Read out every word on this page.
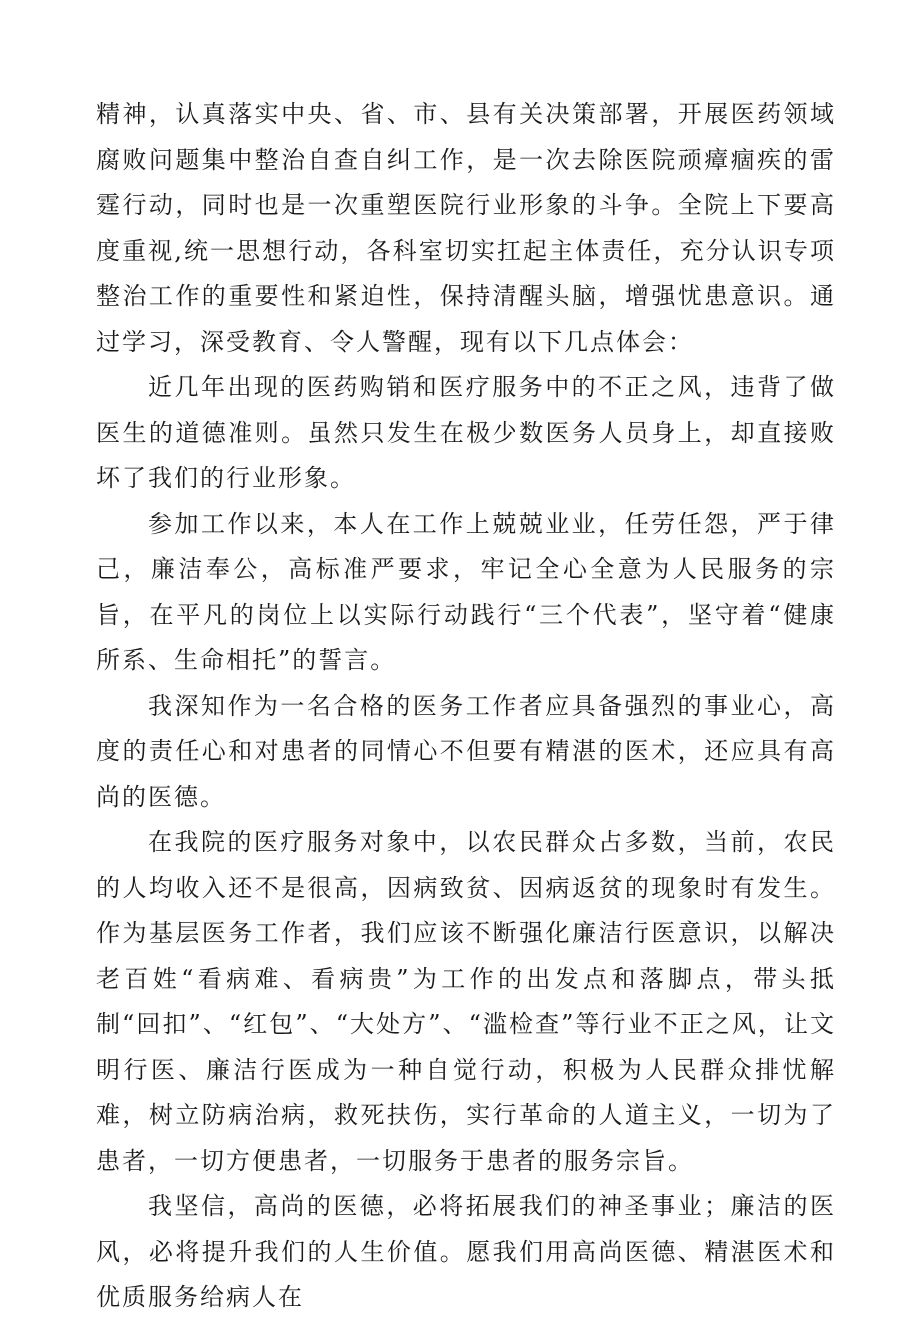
精神，认真落实中央、省、市、县有关决策部署，开展医药领域腐败问题集中整治自查自纠工作，是一次去除医院顽瘴痼疾的雷霆行动，同时也是一次重塑医院行业形象的斗争。全院上下要高度重视,统一思想行动，各科室切实扛起主体责任，充分认识专项整治工作的重要性和紧迫性，保持清醒头脑，增强忧患意识。通过学习，深受教育、令人警醒，现有以下几点体会：

近几年出现的医药购销和医疗服务中的不正之风，违背了做医生的道德准则。虽然只发生在极少数医务人员身上，却直接败坏了我们的行业形象。

参加工作以来，本人在工作上兢兢业业，任劳任怨，严于律己，廉洁奉公，高标准严要求，牢记全心全意为人民服务的宗旨，在平凡的岗位上以实际行动践行“三个代表”，坚守着“健康所系、生命相托”的誓言。

我深知作为一名合格的医务工作者应具备强烈的事业心，高度的责任心和对患者的同情心不但要有精湛的医术，还应具有高尚的医德。

在我院的医疗服务对象中，以农民群众占多数，当前，农民的人均收入还不是很高，因病致贫、因病返贫的现象时有发生。作为基层医务工作者，我们应该不断强化廉洁行医意识，以解决老百姓“看病难、看病贵”为工作的出发点和落脚点，带头抵制“回扣”、“红包”、“大处方”、“滥检查”等行业不正之风，让文明行医、廉洁行医成为一种自觉行动，积极为人民群众排忧解难，树立防病治病，救死扶伤，实行革命的人道主义，一切为了患者，一切方便患者，一切服务于患者的服务宗旨。

我坚信，高尚的医德，必将拓展我们的神圣事业；廉洁的医风，必将提升我们的人生价值。愿我们用高尚医德、精湛医术和优质服务给病人在
